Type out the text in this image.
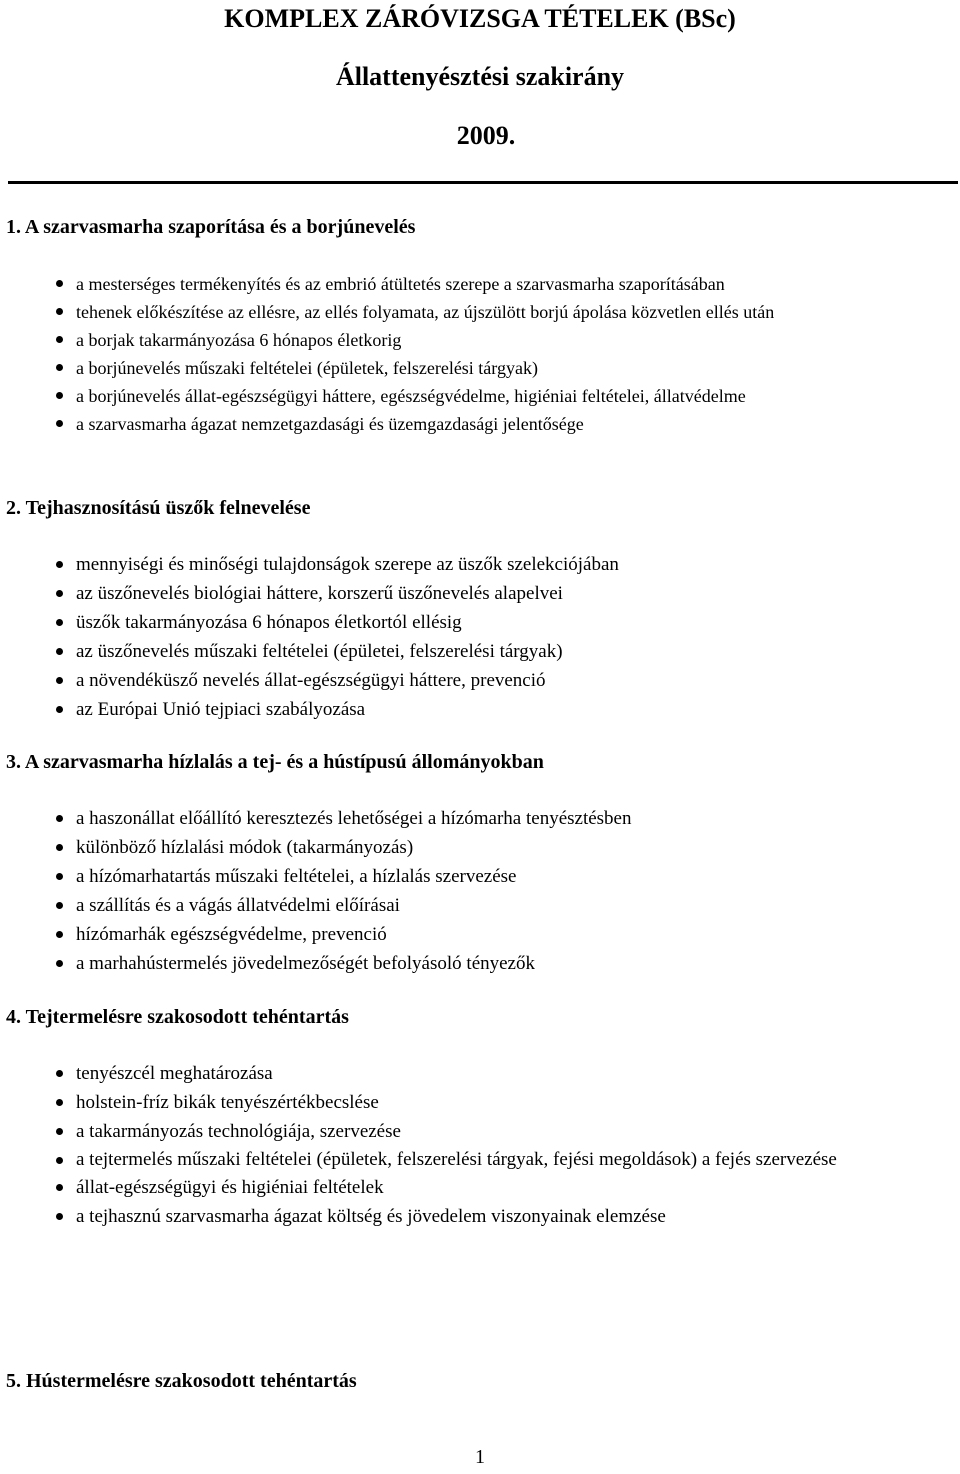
KOMPLEX ZÁRÓVIZSGA TÉTELEK (BSc)
Állattenyésztési szakirány
2009.
1. A szarvasmarha szaporítása és a borjúnevelés
a mesterséges termékenyítés és az embrió átültetés szerepe a szarvasmarha szaporításában
tehenek előkészítése az ellésre, az ellés folyamata, az újszülött borjú ápolása közvetlen ellés után
a borjak takarmányozása 6 hónapos életkorig
a borjúnevelés műszaki feltételei (épületek, felszerelési tárgyak)
a borjúnevelés állat-egészségügyi háttere, egészségvédelme, higiéniai feltételei, állatvédelme
a szarvasmarha ágazat nemzetgazdasági és üzemgazdasági jelentősége
2. Tejhasznosítású üszők felnevelése
mennyiségi és minőségi tulajdonságok szerepe az üszők szelekciójában
az üszőnevelés biológiai háttere, korszerű üszőnevelés alapelvei
üszők takarmányozása 6 hónapos életkortól ellésig
az üszőnevelés műszaki feltételei (épületei, felszerelési tárgyak)
a növendéküsző nevelés állat-egészségügyi háttere, prevenció
az Európai Unió tejpiaci szabályozása
3. A szarvasmarha hízlalás a tej- és a hústípusú állományokban
a haszonállat előállító keresztezés lehetőségei a hízómarha tenyésztésben
különböző hízlalási módok (takarmányozás)
a hízómarhatartás műszaki feltételei, a hízlalás szervezése
a szállítás és a vágás állatvédelmi előírásai
hízómarhák egészségvédelme, prevenció
a marhahústermelés jövedelmezőségét befolyásoló tényezők
4. Tejtermelésre szakosodott tehéntartás
tenyészcél meghatározása
holstein-fríz bikák tenyészértékbecslése
a takarmányozás technológiája, szervezése
a tejtermelés műszaki feltételei (épületek, felszerelési tárgyak, fejési megoldások) a fejés szervezése
állat-egészségügyi és higiéniai feltételek
a tejhasznú szarvasmarha ágazat költség és jövedelem viszonyainak elemzése
5. Hústermelésre szakosodott tehéntartás
1
